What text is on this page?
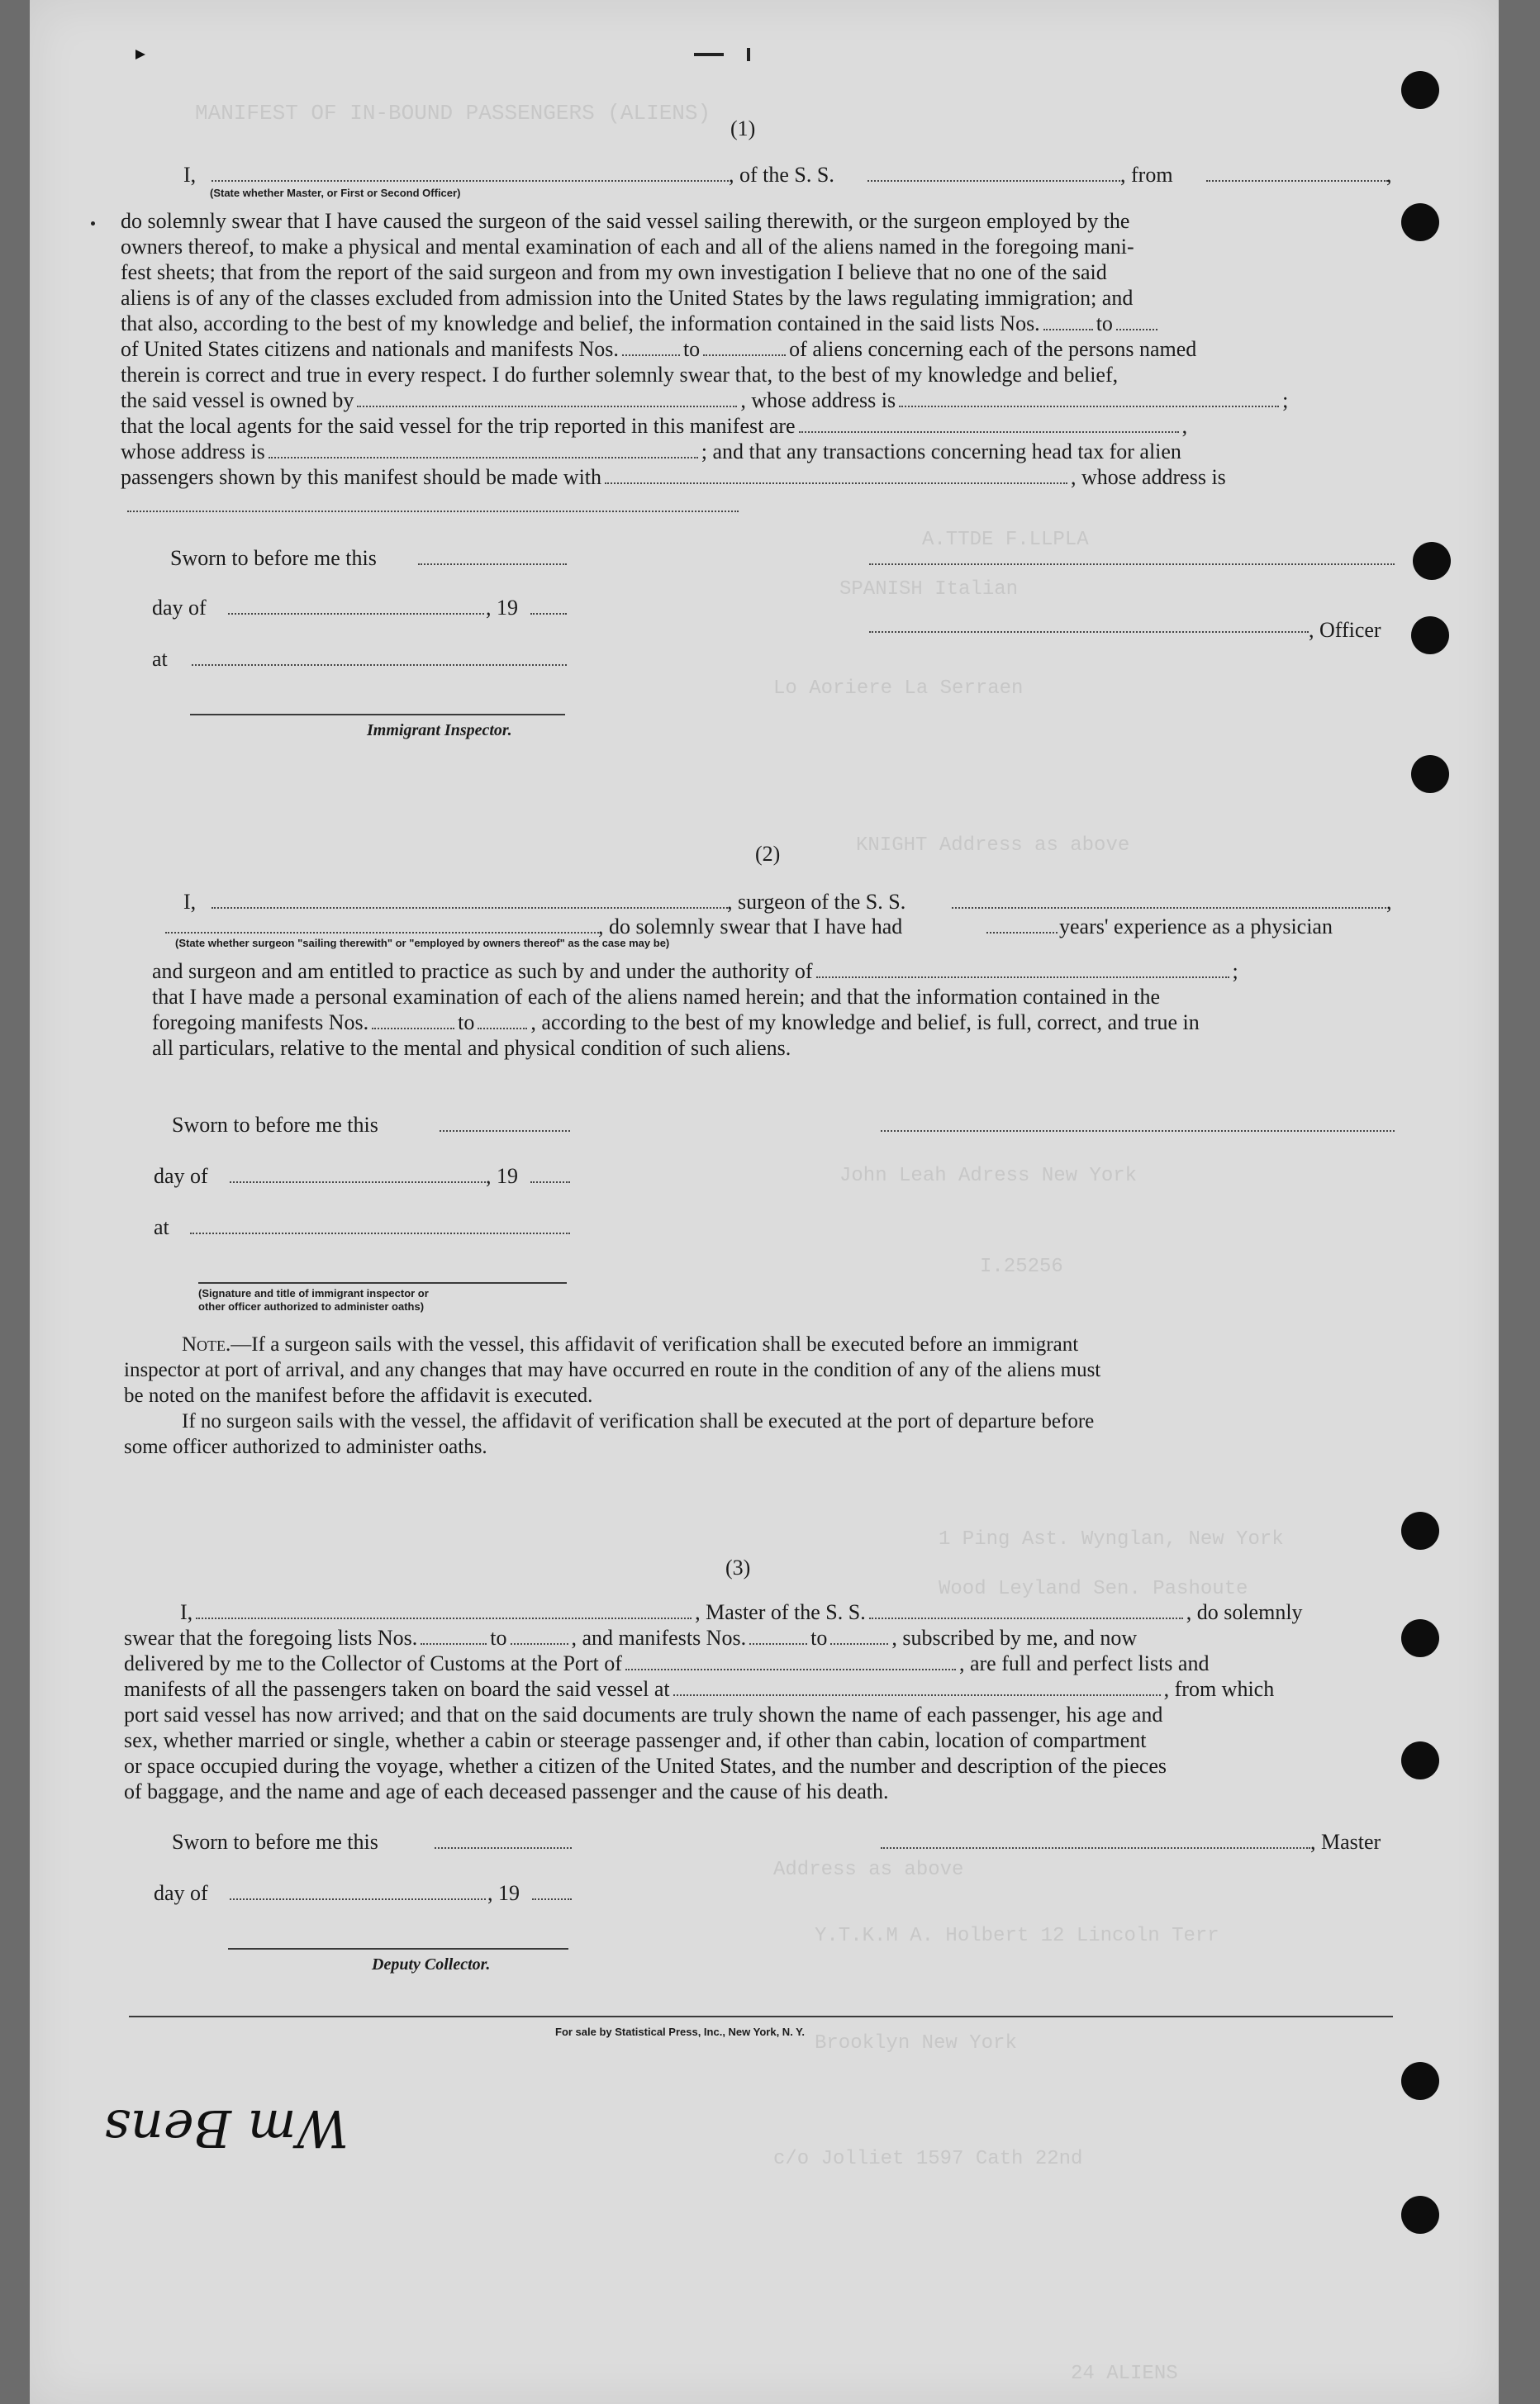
MANIFEST OF IN-BOUND PASSENGERS (ALIENS)
A.TTDE F.LLPLA
SPANISH Italian
Lo Aoriere La Serraen
KNIGHT Address as above
John Leah Adress New York
I.25256
1 Ping Ast. Wynglan, New York
Wood Leyland Sen. Pashoute
Address as above
Y.T.K.M A. Holbert 12 Lincoln Terr
Brooklyn New York
c/o Jolliet 1597 Cath 22nd
24 ALIENS
(1)
I,	, of the S. S.	, from	,
(State whether Master, or First or Second Officer)
do solemnly swear that I have caused the surgeon of the said vessel sailing therewith, or the surgeon employed by the
owners thereof, to make a physical and mental examination of each and all of the aliens named in the foregoing mani-
fest sheets; that from the report of the said surgeon and from my own investigation I believe that no one of the said
aliens is of any of the classes excluded from admission into the United States by the laws regulating immigration; and
that also, according to the best of my knowledge and belief, the information contained in the said lists Nos.	to
of United States citizens and nationals and manifests Nos.	to	of aliens concerning each of the persons named
therein is correct and true in every respect. I do further solemnly swear that, to the best of my knowledge and belief,
the said vessel is owned by	, whose address is	;
that the local agents for the said vessel for the trip reported in this manifest are	,
whose address is	; and that any transactions concerning head tax for alien
passengers shown by this manifest should be made with	, whose address is
Sworn to before me this
day of	, 19
at
Immigrant Inspector.
, Officer
(2)
I,	, surgeon of the S. S.	,
, do solemnly swear that I have had	years' experience as a physician
(State whether surgeon "sailing therewith" or "employed by owners thereof" as the case may be)
and surgeon and am entitled to practice as such by and under the authority of	;
that I have made a personal examination of each of the aliens named herein; and that the information contained in the
foregoing manifests Nos.	to	, according to the best of my knowledge and belief, is full, correct, and true in
all particulars, relative to the mental and physical condition of such aliens.
Sworn to before me this
day of	, 19
at
(Signature and title of immigrant inspector or
other officer authorized to administer oaths)
Note.—If a surgeon sails with the vessel, this affidavit of verification shall be executed before an immigrant
inspector at port of arrival, and any changes that may have occurred en route in the condition of any of the aliens must
be noted on the manifest before the affidavit is executed.
If no surgeon sails with the vessel, the affidavit of verification shall be executed at the port of departure before
some officer authorized to administer oaths.
(3)
I,	, Master of the S. S.	, do solemnly
swear that the foregoing lists Nos.	to	, and manifests Nos.	to	, subscribed by me, and now
delivered by me to the Collector of Customs at the Port of	, are full and perfect lists and
manifests of all the passengers taken on board the said vessel at	, from which
port said vessel has now arrived; and that on the said documents are truly shown the name of each passenger, his age and
sex, whether married or single, whether a cabin or steerage passenger and, if other than cabin, location of compartment
or space occupied during the voyage, whether a citizen of the United States, and the number and description of the pieces
of baggage, and the name and age of each deceased passenger and the cause of his death.
Sworn to before me this	, Master
day of	, 19
Deputy Collector.
For sale by Statistical Press, Inc., New York, N. Y.
Wm Bens
